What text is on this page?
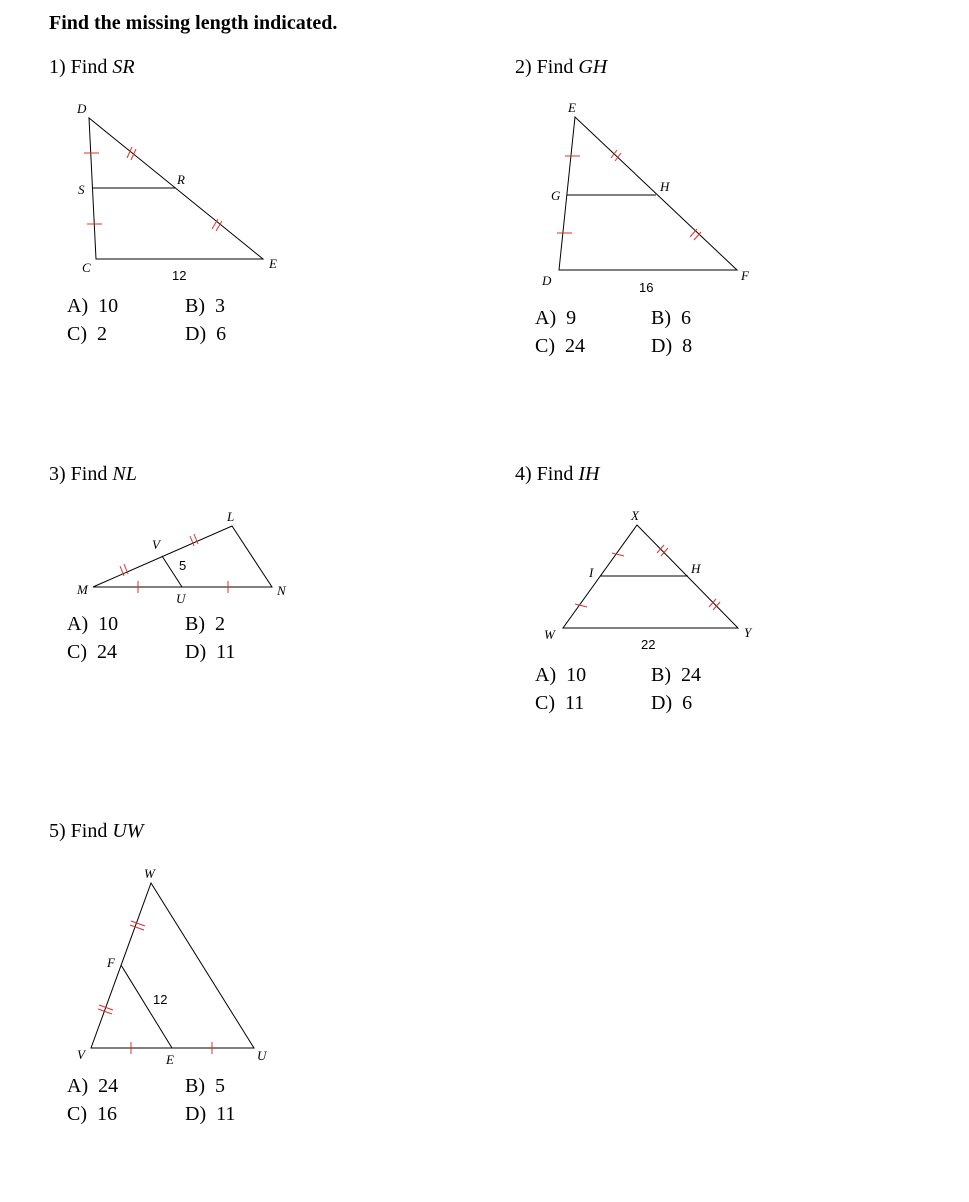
Find the missing length indicated.
1) Find SR
D
S
R
C	E
12
A)  10	B)  3
C)  2	D)  6
2) Find GH
E
G
H
D	F
16
A)  9	B)  6
C)  24	D)  8
3) Find NL
L
V
M
U
N
5
A)  10	B)  2
C)  24	D)  11
4) Find IH
X
I	H
W	Y
22
A)  10	B)  24
C)  11	D)  6
5) Find UW
W
F
V	E	U
12
A)  24	B)  5
C)  16	D)  11
